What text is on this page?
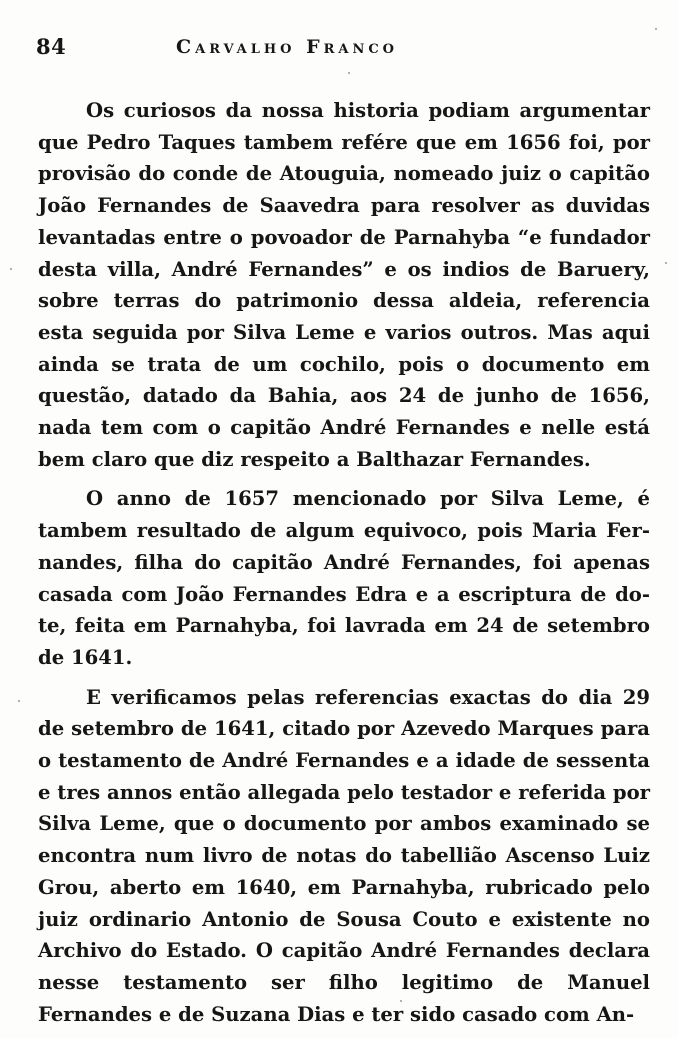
84	Carvalho Franco

Os curiosos da nossa historia podiam argumentar que Pedro Taques tambem refére que em 1656 foi, por provisão do conde de Atouguia, nomeado juiz o capitão João Fernandes de Saavedra para resolver as duvidas levantadas entre o povoador de Parnahyba “e fundador desta villa, André Fernandes” e os indios de Baruery, sobre terras do patrimonio dessa aldeia, referencia esta seguida por Silva Leme e varios outros. Mas aqui ainda se trata de um cochilo, pois o documento em questão, datado da Bahia, aos 24 de junho de 1656, nada tem com o capitão André Fernandes e nelle está bem claro que diz respeito a Balthazar Fernandes.

O anno de 1657 mencionado por Silva Leme, é tambem resultado de algum equivoco, pois Maria Fernandes, filha do capitão André Fernandes, foi apenas casada com João Fernandes Edra e a escriptura de dote, feita em Parnahyba, foi lavrada em 24 de setembro de 1641.

E verificamos pelas referencias exactas do dia 29 de setembro de 1641, citado por Azevedo Marques para o testamento de André Fernandes e a idade de sessenta e tres annos então allegada pelo testador e referida por Silva Leme, que o documento por ambos examinado se encontra num livro de notas do tabellião Ascenso Luiz Grou, aberto em 1640, em Parnahyba, rubricado pelo juiz ordinario Antonio de Sousa Couto e existente no Archivo do Estado. O capitão André Fernandes declara nesse testamento ser filho legitimo de Manuel Fernandes e de Suzana Dias e ter sido casado com An-
